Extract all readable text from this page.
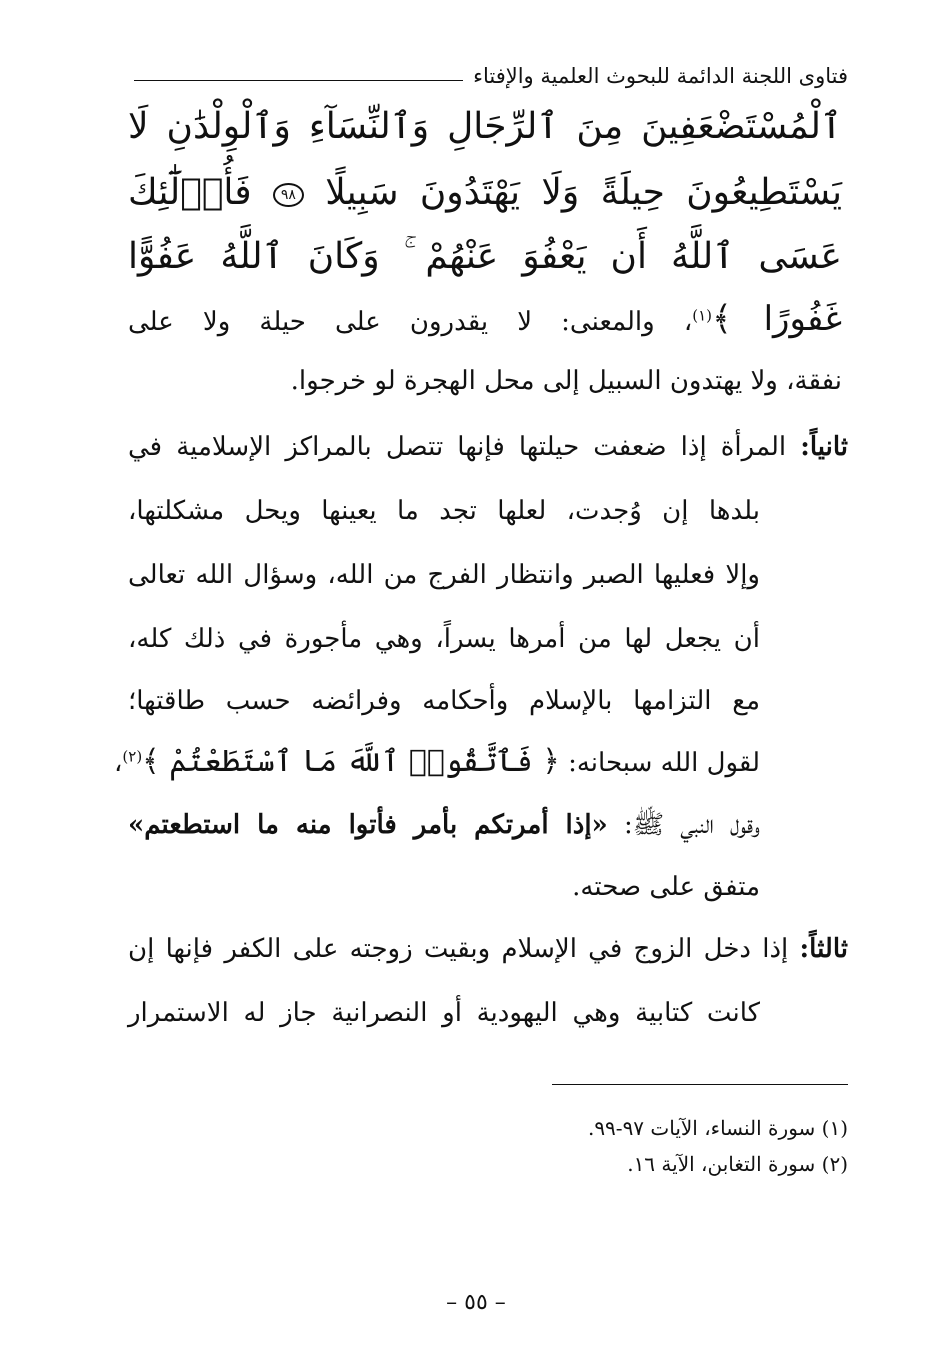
فتاوى اللجنة الدائمة للبحوث العلمية والإفتاء
ٱلْمُسْتَضْعَفِينَ مِنَ ٱلرِّجَالِ وَٱلنِّسَآءِ وَٱلْوِلْدَٰنِ لَا
يَسْتَطِيعُونَ حِيلَةً وَلَا يَهْتَدُونَ سَبِيلًا ٩٨ فَأُو۟لَٰٓئِكَ
عَسَى ٱللَّهُ أَن يَعْفُوَ عَنْهُمْ ۚ وَكَانَ ٱللَّهُ عَفُوًّا
غَفُورًا ﴾$^{(١)}$، والمعنى: لا يقدرون على حيلة ولا على
نفقة، ولا يهتدون السبيل إلى محل الهجرة لو خرجوا.
ثانياً: المرأة إذا ضعفت حيلتها فإنها تتصل بالمراكز الإسلامية في
بلدها إن وُجدت، لعلها تجد ما يعينها ويحل مشكلتها،
وإلا فعليها الصبر وانتظار الفرج من الله، وسؤال الله تعالى
أن يجعل لها من أمرها يسراً، وهي مأجورة في ذلك كله،
مع التزامها بالإسلام وأحكامه وفرائضه حسب طاقتها؛
لقول الله سبحانه: ﴿ فَٱتَّقُوا۟ ٱللَّهَ مَا ٱسْتَطَعْتُمْ ﴾$^{(٢)}$،
وقول النبي ﷺ: «إذا أمرتكم بأمر فأتوا منه ما استطعتم»
متفق على صحته.
ثالثاً: إذا دخل الزوج في الإسلام وبقيت زوجته على الكفر فإنها إن
كانت كتابية وهي اليهودية أو النصرانية جاز له الاستمرار
(١) سورة النساء، الآيات ٩٧-٩٩.
(٢) سورة التغابن، الآية ١٦.
– ٥٥ –
